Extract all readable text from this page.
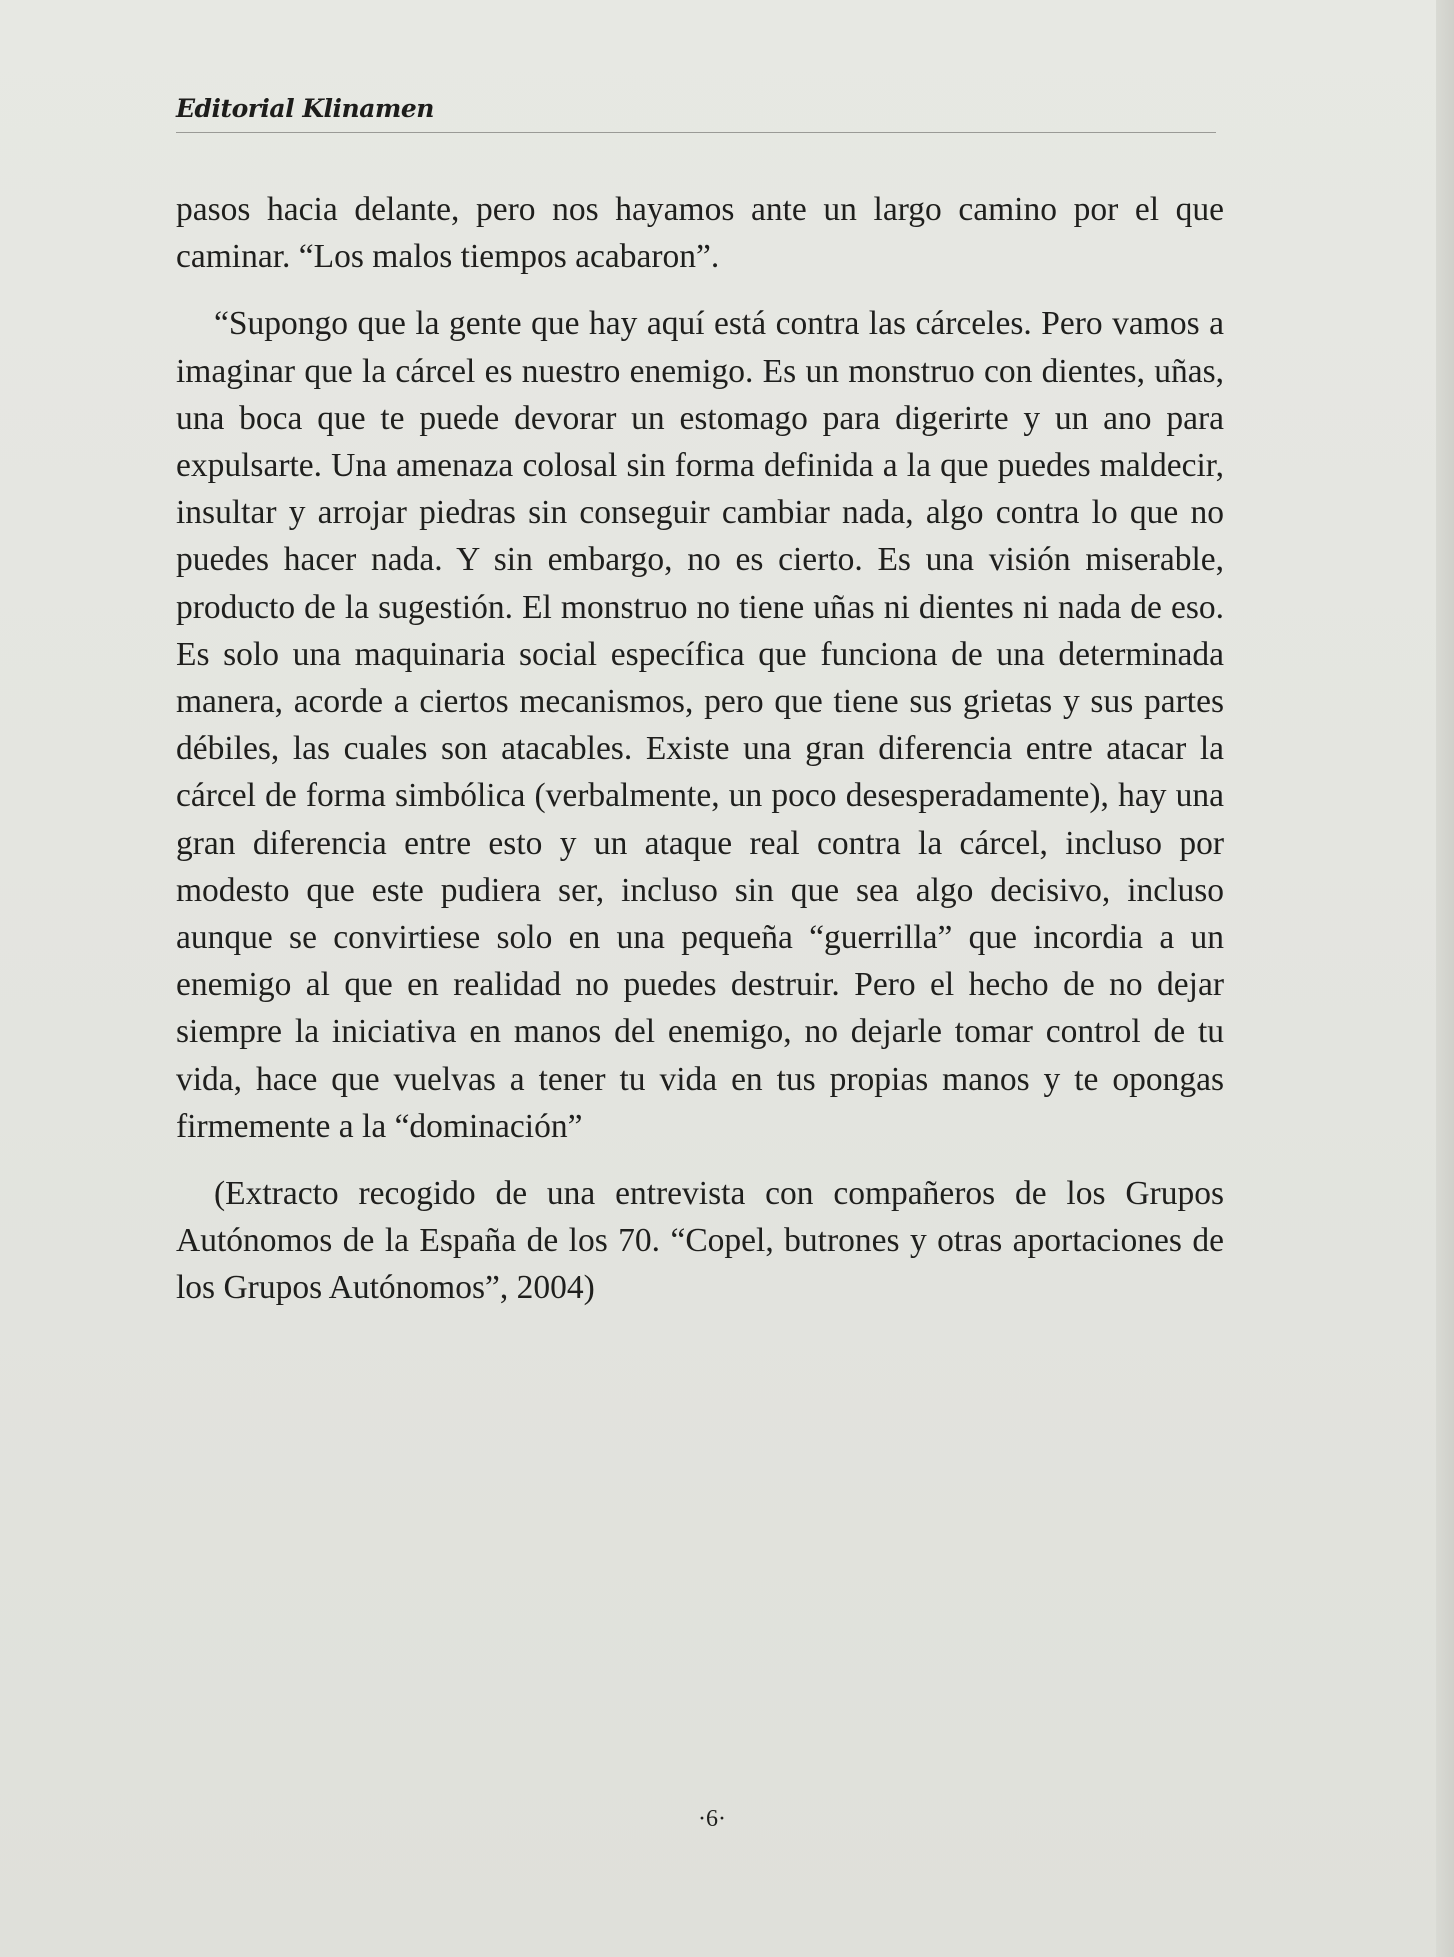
Editorial Klinamen

pasos hacia delante, pero nos hayamos ante un largo camino por el que caminar. “Los malos tiempos acabaron”.

“Supongo que la gente que hay aquí está contra las cárceles. Pero vamos a imaginar que la cárcel es nuestro enemigo. Es un monstruo con dientes, uñas, una boca que te puede devorar un estomago para digerirte y un ano para expulsarte. Una amenaza colosal sin forma definida a la que puedes maldecir, insultar y arrojar piedras sin conseguir cambiar nada, algo contra lo que no puedes hacer nada. Y sin embargo, no es cierto. Es una visión miserable, producto de la sugestión. El monstruo no tiene uñas ni dientes ni nada de eso. Es solo una maquinaria social específica que funciona de una determinada manera, acorde a ciertos mecanismos, pero que tiene sus grietas y sus partes débiles, las cuales son atacables. Existe una gran diferencia entre atacar la cárcel de forma simbólica (verbalmente, un poco desesperadamente), hay una gran diferencia entre esto y un ataque real contra la cárcel, incluso por modesto que este pudiera ser, incluso sin que sea algo decisivo, incluso aunque se convirtiese solo en una pequeña “guerrilla” que incordia a un enemigo al que en realidad no puedes destruir. Pero el hecho de no dejar siempre la iniciativa en manos del enemigo, no dejarle tomar control de tu vida, hace que vuelvas a tener tu vida en tus propias manos y te opongas firmemente a la “dominación”

(Extracto recogido de una entrevista con compañeros de los Grupos Autónomos de la España de los 70. “Copel, butrones y otras aportaciones de los Grupos Autónomos”, 2004)

·6·
